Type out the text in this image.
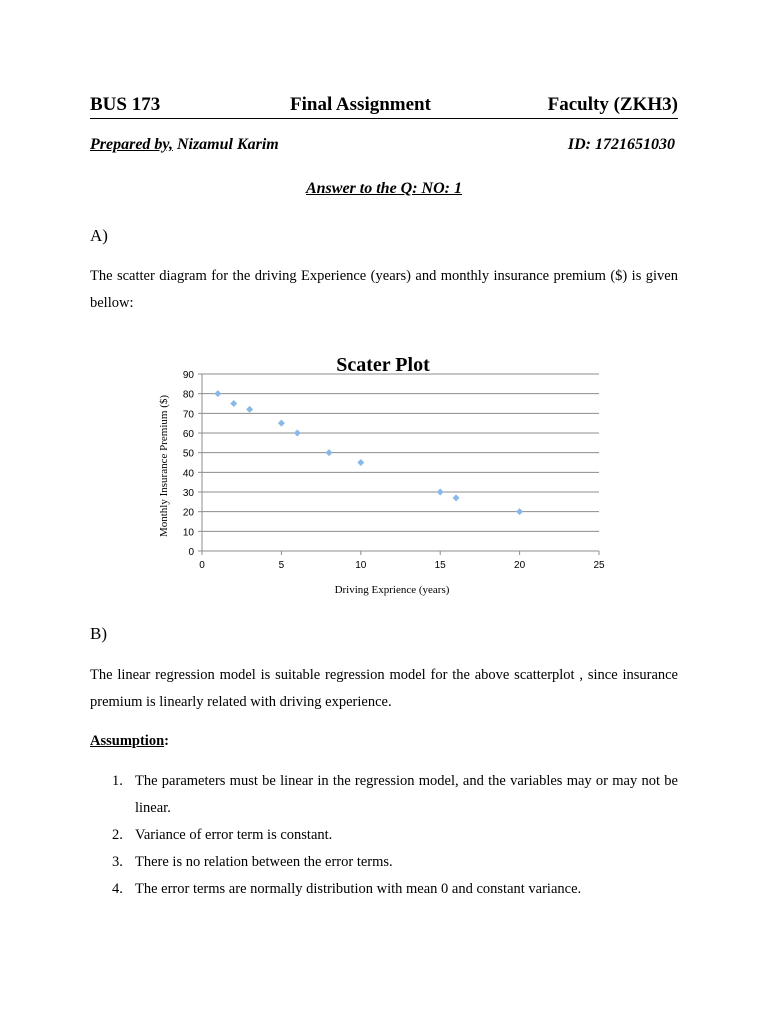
BUS 173	Final Assignment	Faculty (ZKH3)
Prepared by, Nizamul Karim	ID: 1721651030
Answer to the Q: NO: 1
A)
The scatter diagram for the driving Experience (years) and monthly insurance premium ($) is given bellow:
Scater Plot
0
10
20
30
40
50
60
70
80
90
0	5	10	15	20	25
Driving Exprience (years)
Monthly Insurance Premium ($)
B)
The linear regression model is suitable regression model for the above scatterplot , since insurance premium is linearly related with driving experience.
Assumption:
1. The parameters must be linear in the regression model, and the variables may or may not be linear.
2. Variance of error term is constant.
3. There is no relation between the error terms.
4. The error terms are normally distribution with mean 0 and constant variance.
